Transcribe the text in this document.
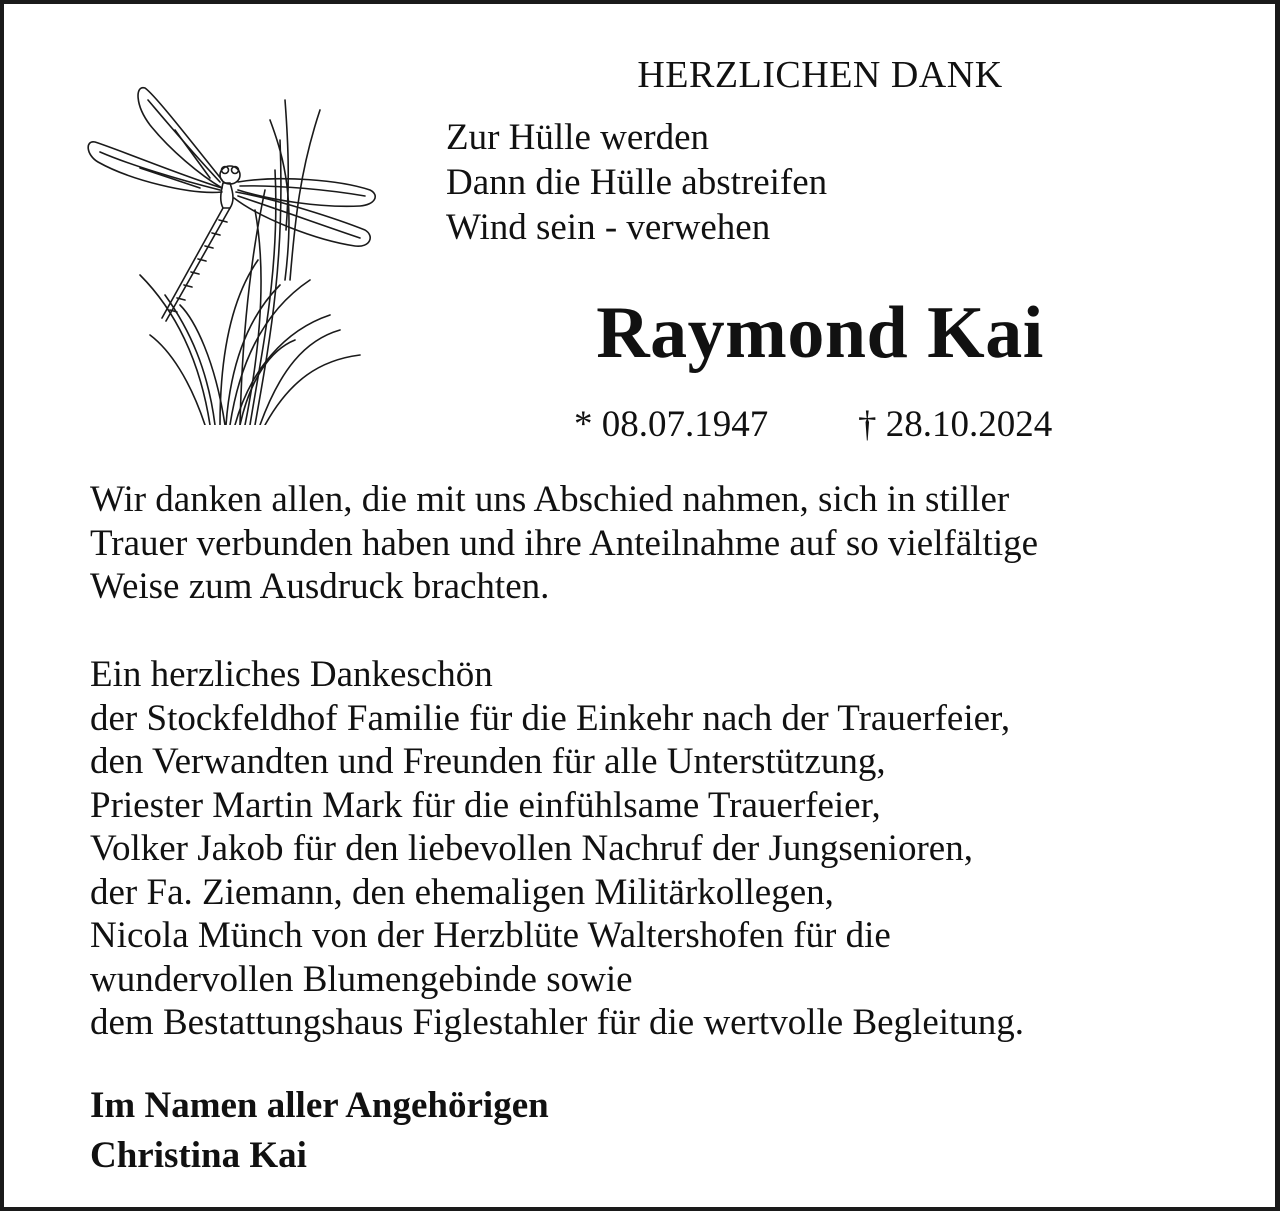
HERZLICHEN DANK
Zur Hülle werden
Dann die Hülle abstreifen
Wind sein - verwehen
Raymond Kai
* 08.07.1947 † 28.10.2024
Wir danken allen, die mit uns Abschied nahmen, sich in stiller
Trauer verbunden haben und ihre Anteilnahme auf so vielfältige
Weise zum Ausdruck brachten.
Ein herzliches Dankeschön
der Stockfeldhof Familie für die Einkehr nach der Trauerfeier,
den Verwandten und Freunden für alle Unterstützung,
Priester Martin Mark für die einfühlsame Trauerfeier,
Volker Jakob für den liebevollen Nachruf der Jungsenioren,
der Fa. Ziemann, den ehemaligen Militärkollegen,
Nicola Münch von der Herzblüte Waltershofen für die
wundervollen Blumengebinde sowie
dem Bestattungshaus Figlestahler für die wertvolle Begleitung.
Im Namen aller Angehörigen
Christina Kai
